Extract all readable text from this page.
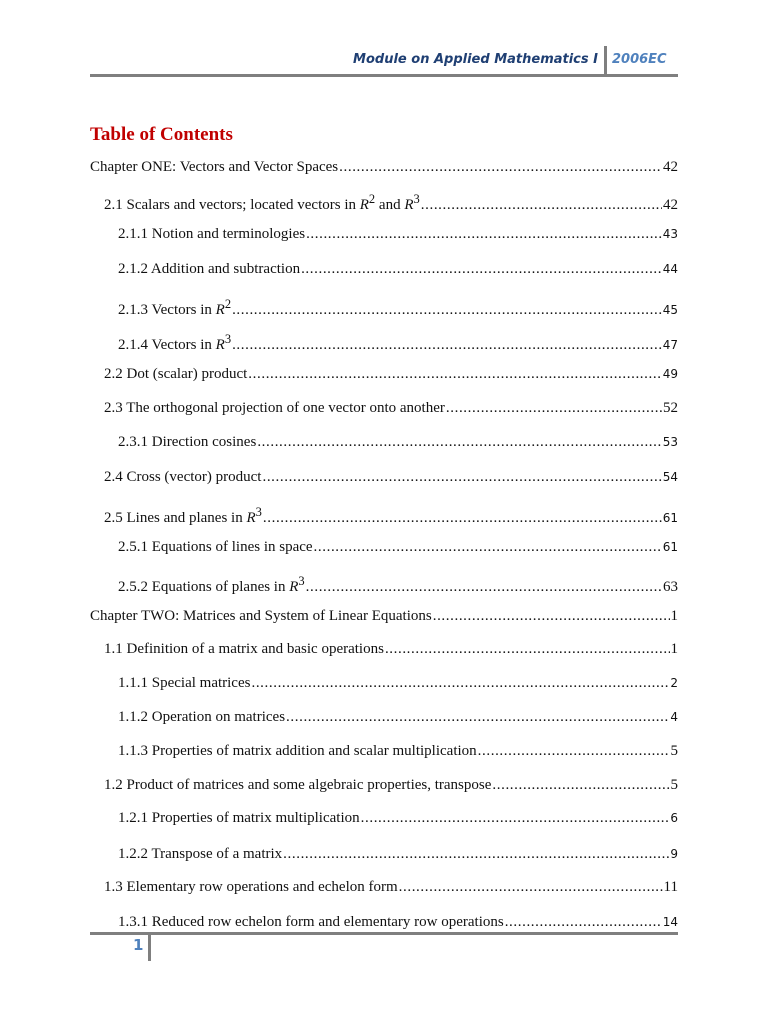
Module on Applied Mathematics I 2006EC
Table of Contents
Chapter ONE: Vectors and Vector Spaces .....	42
2.1 Scalars and vectors; located vectors in $R^2$ and $R^3$ .....	42
2.1.1 Notion and terminologies .....	43
2.1.2 Addition and subtraction .....	44
2.1.3 Vectors in $R^2$ .....	45
2.1.4 Vectors in $R^3$ .....	47
2.2 Dot (scalar) product .....	49
2.3 The orthogonal projection of one vector onto another .....	52
2.3.1 Direction cosines .....	53
2.4 Cross (vector) product .....	54
2.5 Lines and planes in $R^3$ .....	61
2.5.1 Equations of lines in space .....	61
2.5.2 Equations of planes in $R^3$ .....	63
Chapter TWO: Matrices and System of Linear Equations .....	1
1.1 Definition of a matrix and basic operations .....	1
1.1.1 Special matrices .....	2
1.1.2 Operation on matrices .....	4
1.1.3 Properties of matrix addition and scalar multiplication .....	5
1.2 Product of matrices and some algebraic properties, transpose .....	5
1.2.1 Properties of matrix multiplication .....	6
1.2.2 Transpose of a matrix .....	9
1.3 Elementary row operations and echelon form .....	11
1.3.1 Reduced row echelon form and elementary row operations .....	14
1
